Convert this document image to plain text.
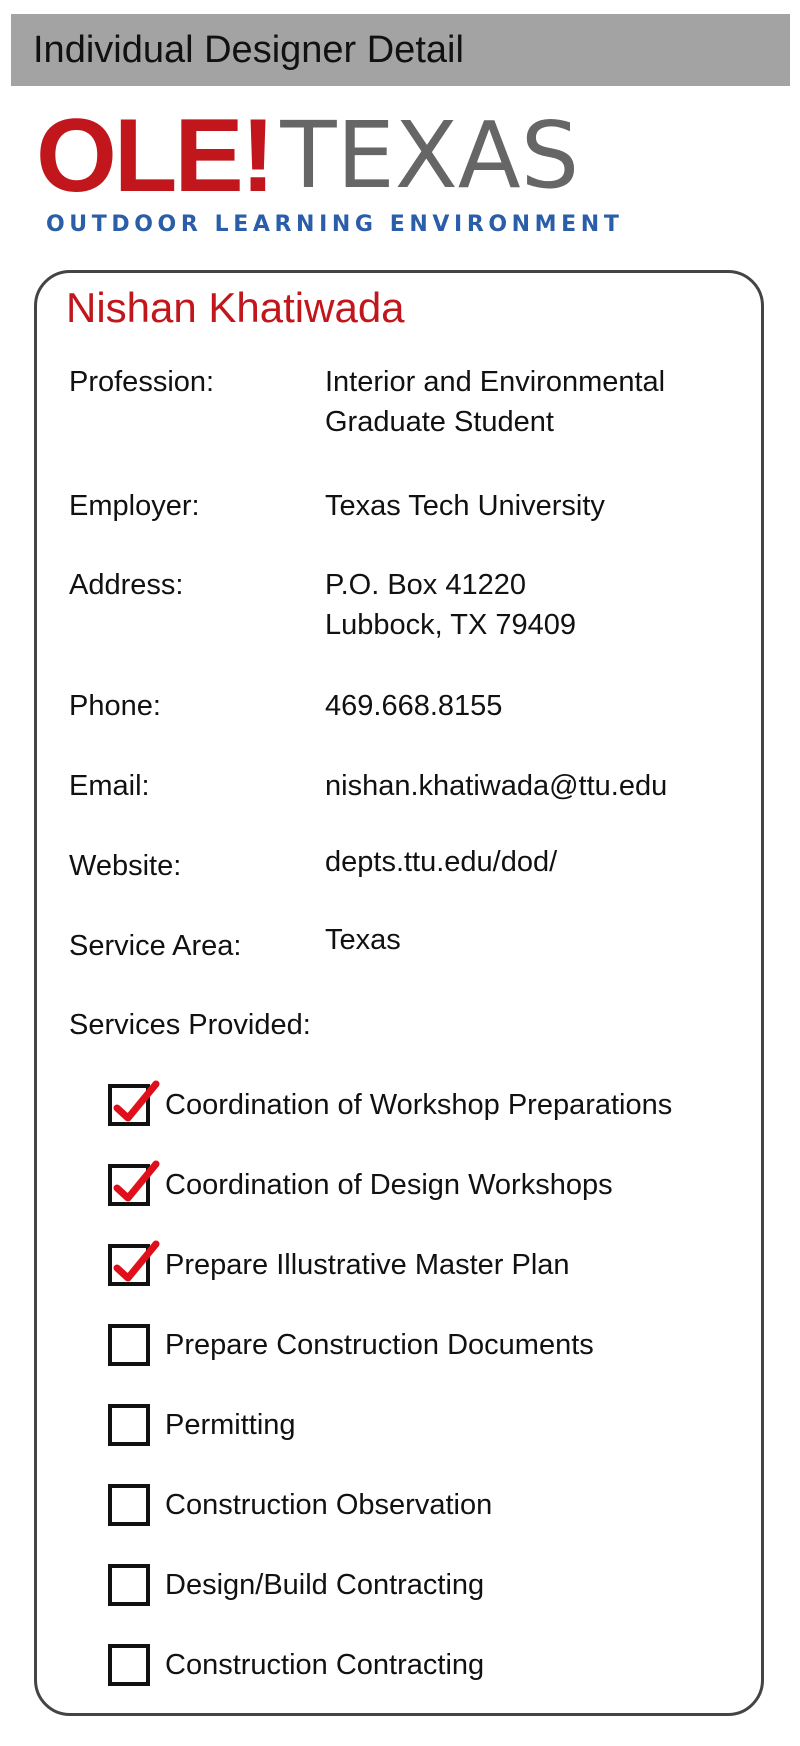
Individual Designer Detail
OLE! TEXAS
OUTDOOR LEARNING ENVIRONMENT
Nishan Khatiwada
Profession:	Interior and Environmental
Graduate Student
Employer:	Texas Tech University
Address:	P.O. Box 41220
Lubbock, TX 79409
Phone:	469.668.8155
Email:	nishan.khatiwada@ttu.edu
Website:	depts.ttu.edu/dod/
Service Area:	Texas
Services Provided:
Coordination of Workshop Preparations
Coordination of Design Workshops
Prepare Illustrative Master Plan
Prepare Construction Documents
Permitting
Construction Observation
Design/Build Contracting
Construction Contracting
